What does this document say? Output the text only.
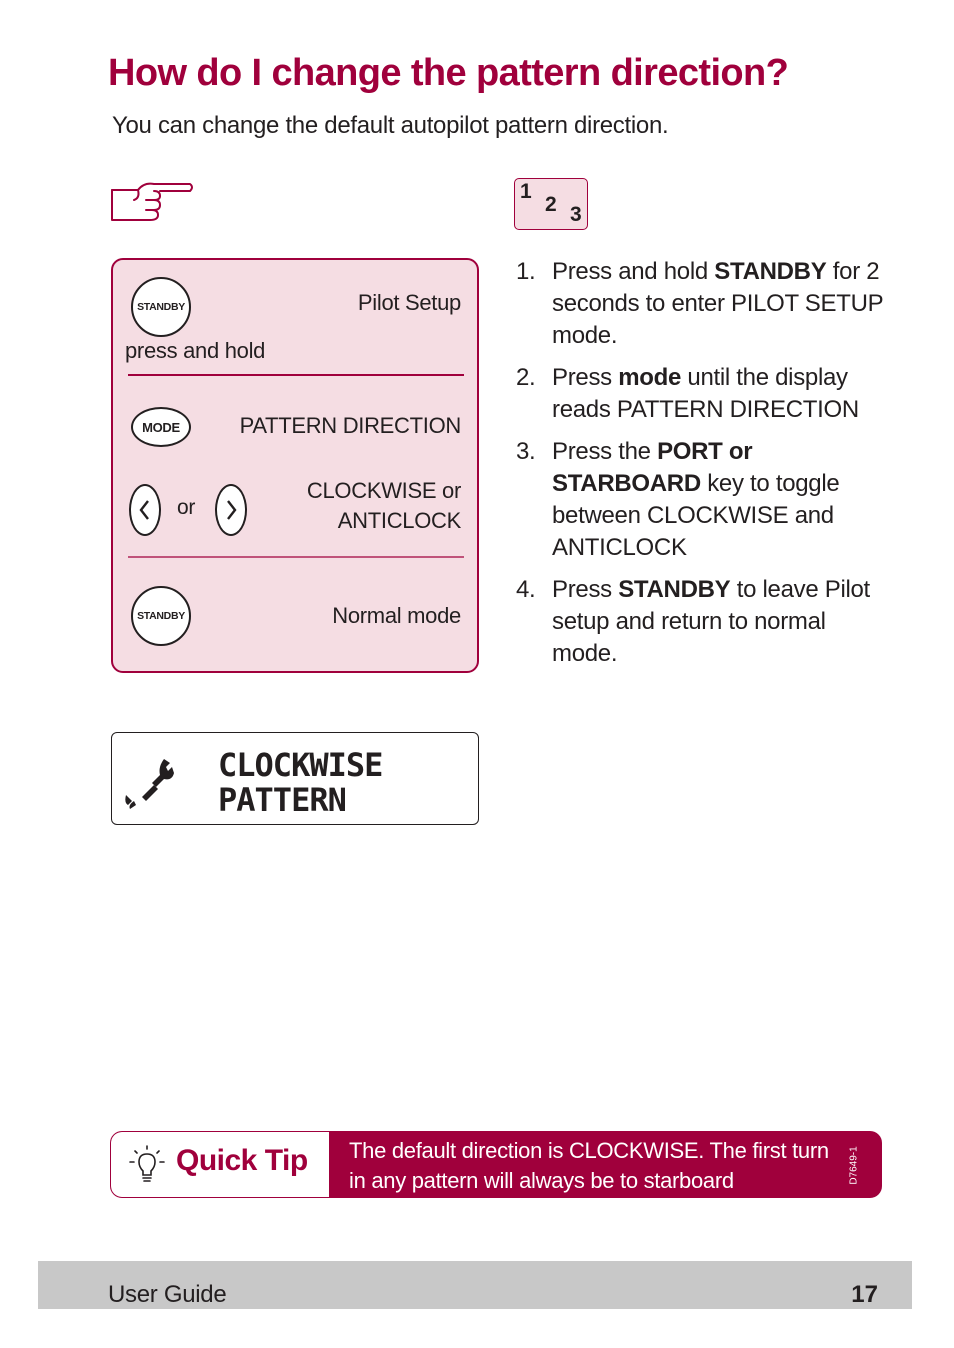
How do I change the pattern direction?
You can change the default autopilot pattern direction.
1
2 3
STANDBY	Pilot Setup
press and hold
MODE	PATTERN DIRECTION
or
CLOCKWISE or
ANTICLOCK
STANDBY	Normal mode
CLOCKWISE
PATTERN
1. Press and hold STANDBY for 2 seconds to enter PILOT SETUP mode.
2. Press mode until the display reads PATTERN DIRECTION
3. Press the PORT or STARBOARD key to toggle between CLOCKWISE and ANTICLOCK
4. Press STANDBY to leave Pilot setup and return to normal mode.
Quick Tip The default direction is CLOCKWISE. The first turn in any pattern will always be to starboard	D7649-1
User Guide	17
